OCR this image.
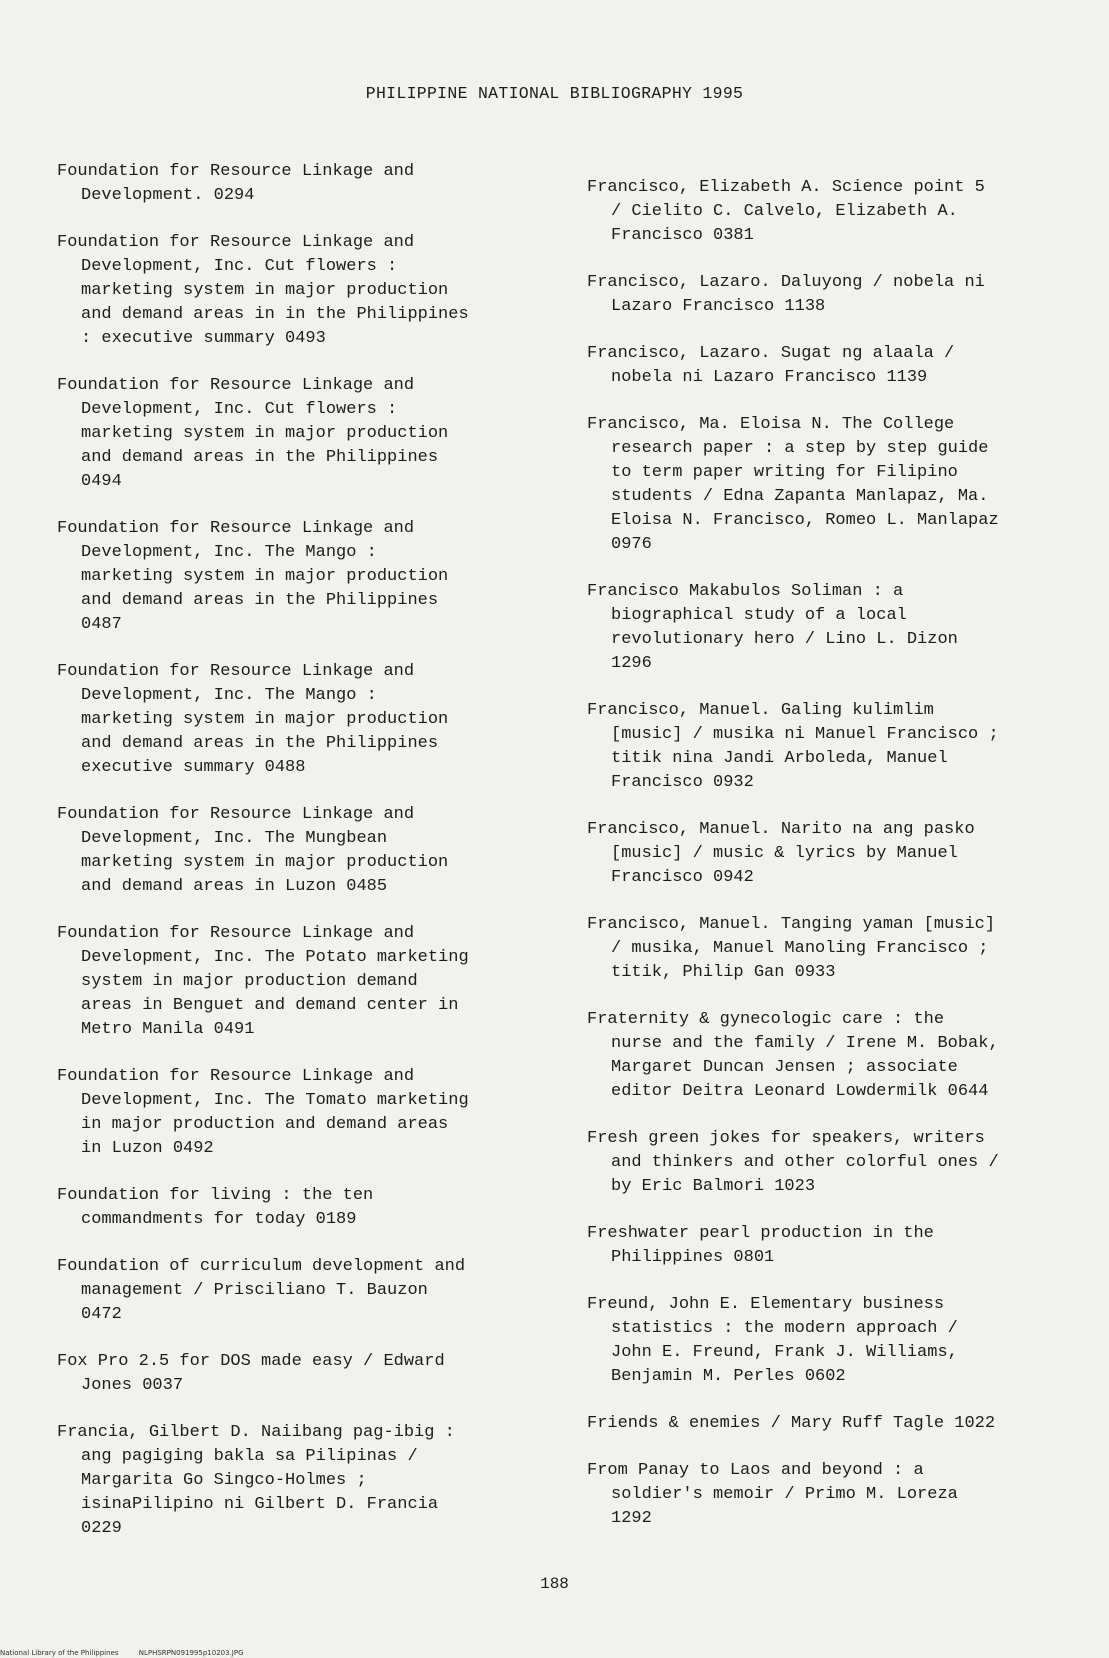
PHILIPPINE NATIONAL BIBLIOGRAPHY 1995

Foundation for Resource Linkage and
Development. 0294

Foundation for Resource Linkage and
Development, Inc. Cut flowers :
marketing system in major production
and demand areas in in the Philippines
: executive summary 0493

Foundation for Resource Linkage and
Development, Inc. Cut flowers :
marketing system in major production
and demand areas in the Philippines
0494

Foundation for Resource Linkage and
Development, Inc. The Mango :
marketing system in major production
and demand areas in the Philippines
0487

Foundation for Resource Linkage and
Development, Inc. The Mango :
marketing system in major production
and demand areas in the Philippines
executive summary 0488

Foundation for Resource Linkage and
Development, Inc. The Mungbean
marketing system in major production
and demand areas in Luzon 0485

Foundation for Resource Linkage and
Development, Inc. The Potato marketing
system in major production demand
areas in Benguet and demand center in
Metro Manila 0491

Foundation for Resource Linkage and
Development, Inc. The Tomato marketing
in major production and demand areas
in Luzon 0492

Foundation for living : the ten
commandments for today 0189

Foundation of curriculum development and
management / Prisciliano T. Bauzon
0472

Fox Pro 2.5 for DOS made easy / Edward
Jones 0037

Francia, Gilbert D. Naiibang pag-ibig :
ang pagiging bakla sa Pilipinas /
Margarita Go Singco-Holmes ;
isinaPilipino ni Gilbert D. Francia
0229

Francisco, Elizabeth A. Science point 5
/ Cielito C. Calvelo, Elizabeth A.
Francisco 0381

Francisco, Lazaro. Daluyong / nobela ni
Lazaro Francisco 1138

Francisco, Lazaro. Sugat ng alaala /
nobela ni Lazaro Francisco 1139

Francisco, Ma. Eloisa N. The College
research paper : a step by step guide
to term paper writing for Filipino
students / Edna Zapanta Manlapaz, Ma.
Eloisa N. Francisco, Romeo L. Manlapaz
0976

Francisco Makabulos Soliman : a
biographical study of a local
revolutionary hero / Lino L. Dizon
1296

Francisco, Manuel. Galing kulimlim
[music] / musika ni Manuel Francisco ;
titik nina Jandi Arboleda, Manuel
Francisco 0932

Francisco, Manuel. Narito na ang pasko
[music] / music & lyrics by Manuel
Francisco 0942

Francisco, Manuel. Tanging yaman [music]
/ musika, Manuel Manoling Francisco ;
titik, Philip Gan 0933

Fraternity & gynecologic care : the
nurse and the family / Irene M. Bobak,
Margaret Duncan Jensen ; associate
editor Deitra Leonard Lowdermilk 0644

Fresh green jokes for speakers, writers
and thinkers and other colorful ones /
by Eric Balmori 1023

Freshwater pearl production in the
Philippines 0801

Freund, John E. Elementary business
statistics : the modern approach /
John E. Freund, Frank J. Williams,
Benjamin M. Perles 0602

Friends & enemies / Mary Ruff Tagle 1022

From Panay to Laos and beyond : a
soldier's memoir / Primo M. Loreza
1292

188
National Library of the Philippines	NLPHSRPN091995p10203.JPG
